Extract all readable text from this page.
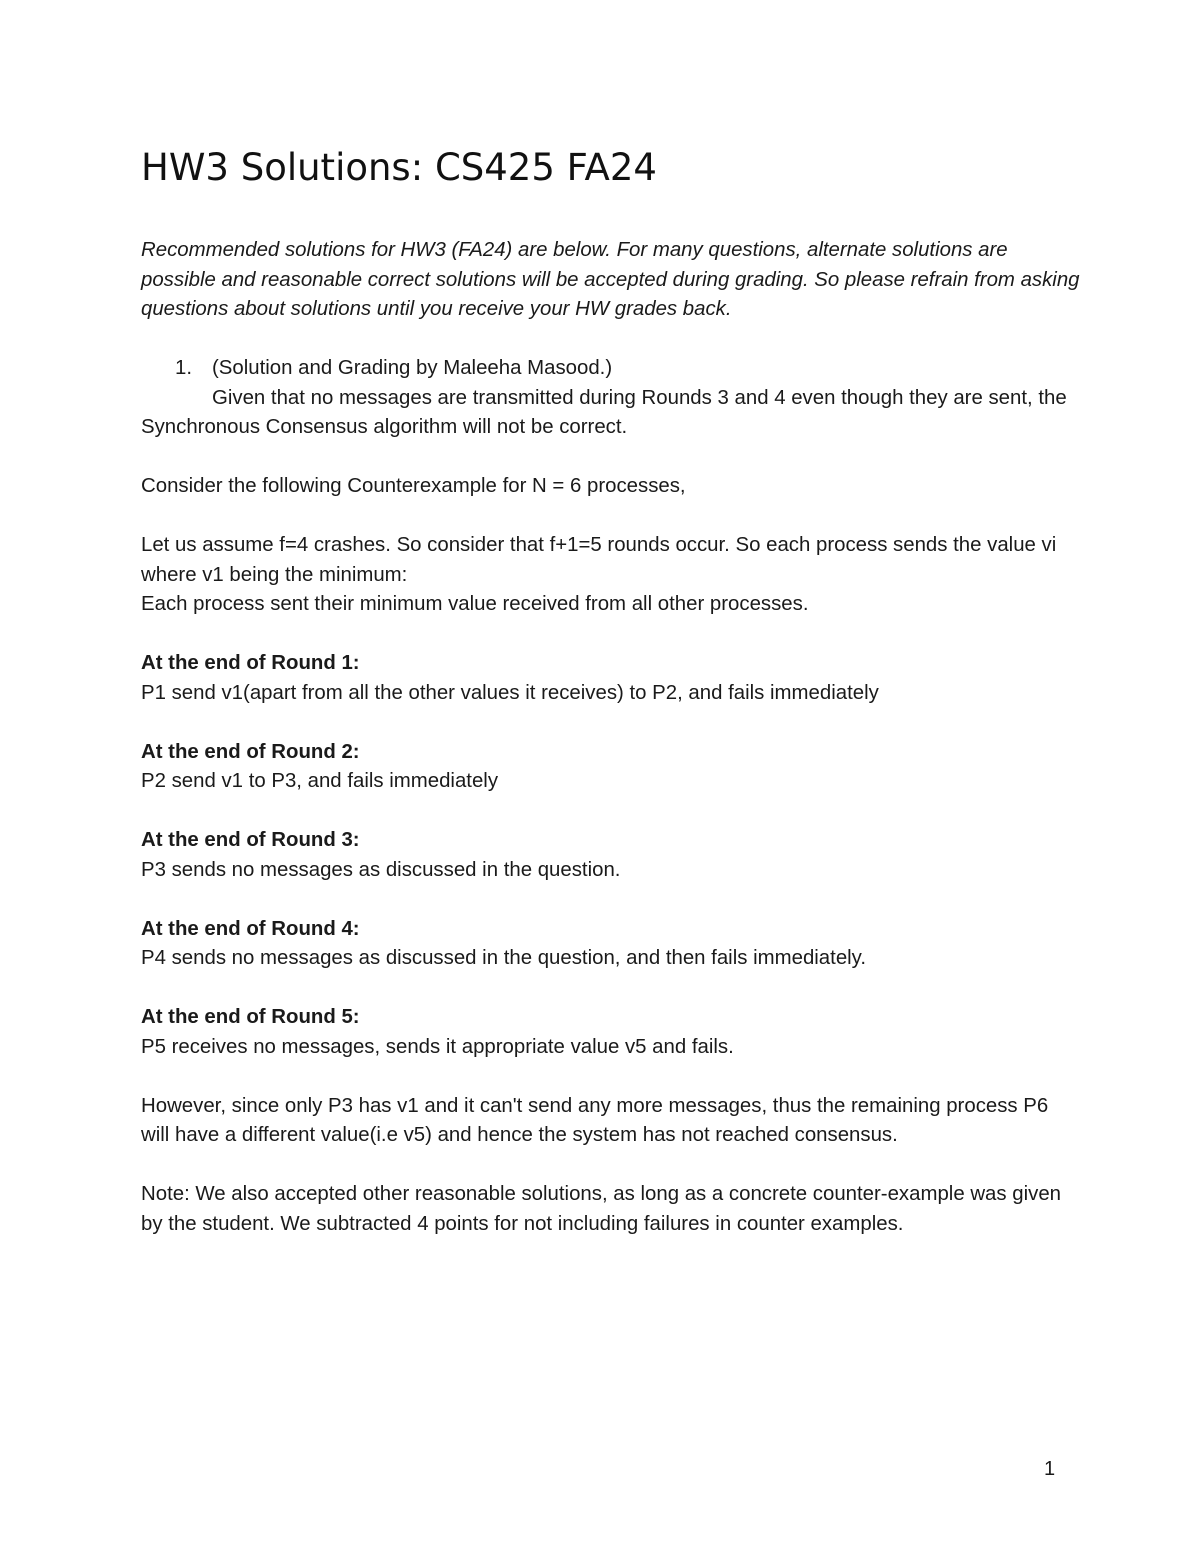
HW3 Solutions: CS425 FA24

Recommended solutions for HW3 (FA24) are below. For many questions, alternate solutions are possible and reasonable correct solutions will be accepted during grading. So please refrain from asking questions about solutions until you receive your HW grades back.

1. (Solution and Grading by Maleeha Masood.)

Given that no messages are transmitted during Rounds 3 and 4 even though they are sent, the Synchronous Consensus algorithm will not be correct.

Consider the following Counterexample for N = 6 processes,

Let us assume f=4 crashes. So consider that f+1=5 rounds occur. So each process sends the value vi where v1 being the minimum:

Each process sent their minimum value received from all other processes.

At the end of Round 1:

P1 send v1(apart from all the other values it receives) to P2, and fails immediately

At the end of Round 2:

P2 send v1 to P3, and fails immediately

At the end of Round 3:

P3 sends no messages as discussed in the question.

At the end of Round 4:

P4 sends no messages as discussed in the question, and then fails immediately.

At the end of Round 5:

P5 receives no messages, sends it appropriate value v5 and fails.

However, since only P3 has v1 and it can't send any more messages, thus the remaining process P6 will have a different value(i.e v5) and hence the system has not reached consensus.

Note: We also accepted other reasonable solutions, as long as a concrete counter-example was given by the student. We subtracted 4 points for not including failures in counter examples.

1
